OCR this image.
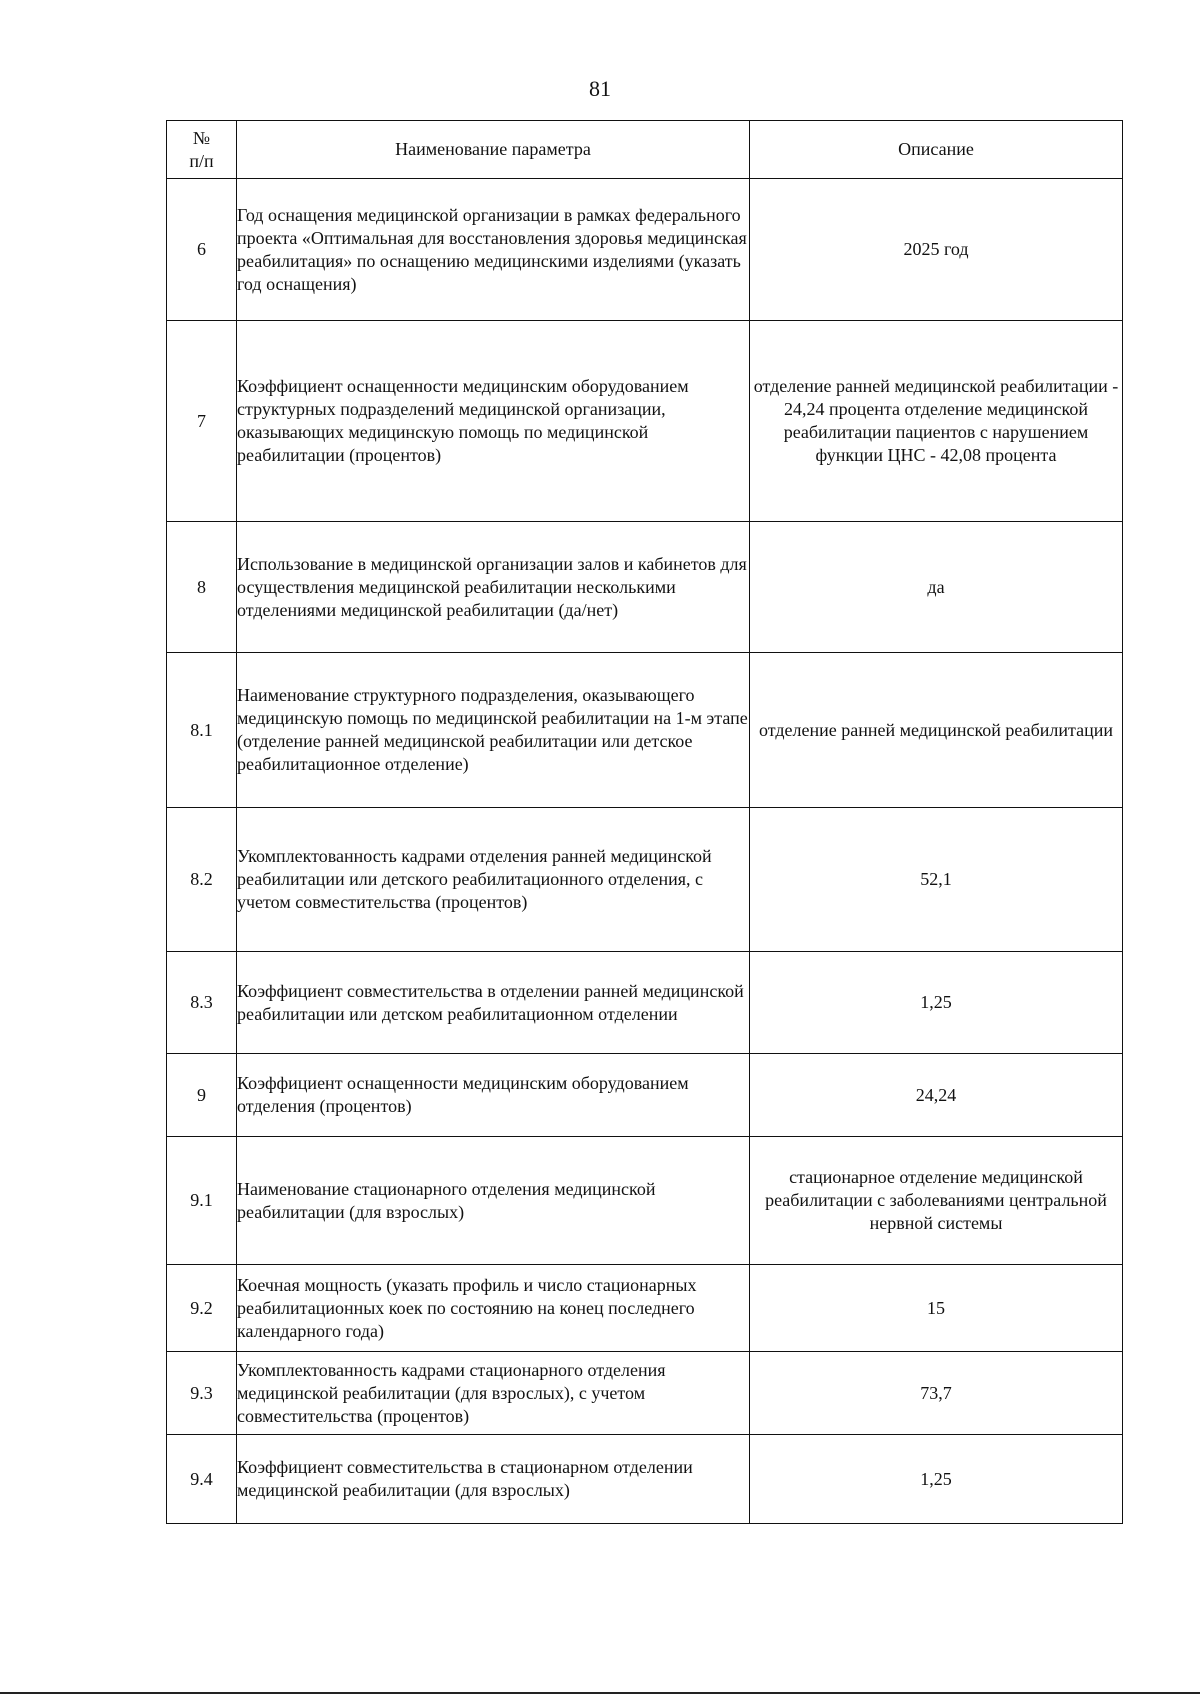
81
№
п/п	Наименование параметра	Описание
6	Год оснащения медицинской организации в рамках федерального проекта «Оптимальная для восстановления здоровья медицинская реабилитация» по оснащению медицинскими изделиями (указать год оснащения)	2025 год
7	Коэффициент оснащенности медицинским оборудованием структурных подразделений медицинской организации, оказывающих медицинскую помощь по медицинской реабилитации (процентов)	отделение ранней медицинской реабилитации - 24,24 процента отделение медицинской реабилитации пациентов с нарушением функции ЦНС - 42,08 процента
8	Использование в медицинской организации залов и кабинетов для осуществления медицинской реабилитации несколькими отделениями медицинской реабилитации (да/нет)	да
8.1	Наименование структурного подразделения, оказывающего медицинскую помощь по медицинской реабилитации на 1-м этапе (отделение ранней медицинской реабилитации или детское реабилитационное отделение)	отделение ранней медицинской реабилитации
8.2	Укомплектованность кадрами отделения ранней медицинской реабилитации или детского реабилитационного отделения, с учетом совместительства (процентов)	52,1
8.3	Коэффициент совместительства в отделении ранней медицинской реабилитации или детском реабилитационном отделении	1,25
9	Коэффициент оснащенности медицинским оборудованием отделения (процентов)	24,24
9.1	Наименование стационарного отделения медицинской реабилитации (для взрослых)	стационарное отделение медицинской реабилитации с заболеваниями центральной нервной системы
9.2	Коечная мощность (указать профиль и число стационарных реабилитационных коек по состоянию на конец последнего календарного года)	15
9.3	Укомплектованность кадрами стационарного отделения медицинской реабилитации (для взрослых), с учетом совместительства (процентов)	73,7
9.4	Коэффициент совместительства в стационарном отделении медицинской реабилитации (для взрослых)	1,25
